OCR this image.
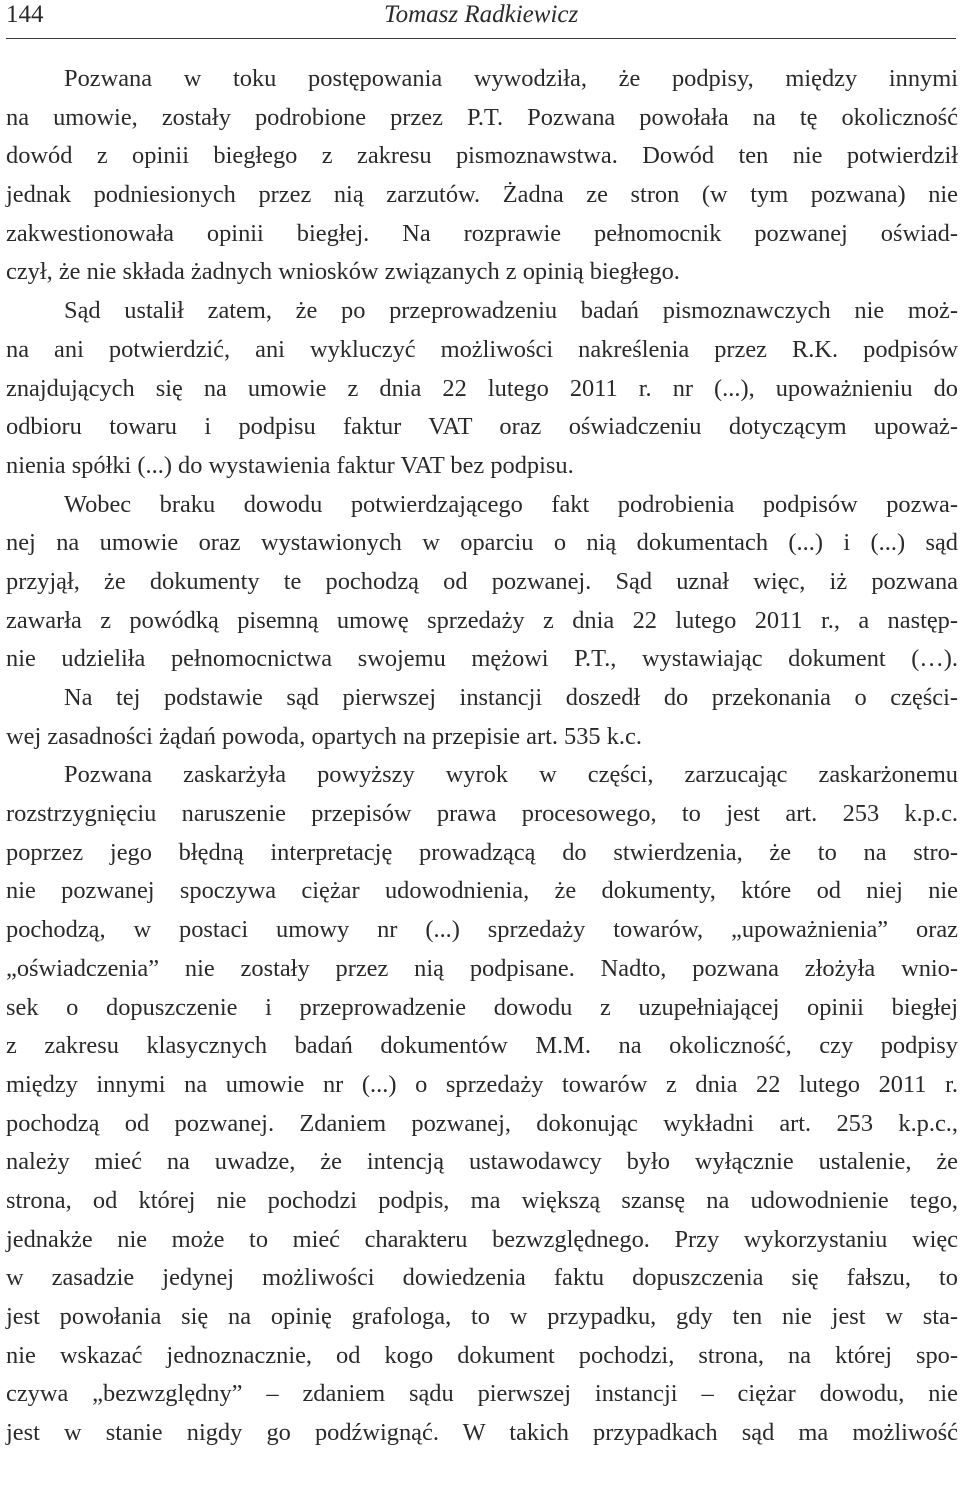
144	Tomasz Radkiewicz
Pozwana w toku postępowania wywodziła, że podpisy, między innymi
na umowie, zostały podrobione przez P.T. Pozwana powołała na tę okoliczność
dowód z opinii biegłego z zakresu pismoznawstwa. Dowód ten nie potwierdził
jednak podniesionych przez nią zarzutów. Żadna ze stron (w tym pozwana) nie
zakwestionowała opinii biegłej. Na rozprawie pełnomocnik pozwanej oświad-
czył, że nie składa żadnych wniosków związanych z opinią biegłego.
Sąd ustalił zatem, że po przeprowadzeniu badań pismoznawczych nie moż-
na ani potwierdzić, ani wykluczyć możliwości nakreślenia przez R.K. podpisów
znajdujących się na umowie z dnia 22 lutego 2011 r. nr (...), upoważnieniu do
odbioru towaru i podpisu faktur VAT oraz oświadczeniu dotyczącym upoważ-
nienia spółki (...) do wystawienia faktur VAT bez podpisu.
Wobec braku dowodu potwierdzającego fakt podrobienia podpisów pozwa-
nej na umowie oraz wystawionych w oparciu o nią dokumentach (...) i (...) sąd
przyjął, że dokumenty te pochodzą od pozwanej. Sąd uznał więc, iż pozwana
zawarła z powódką pisemną umowę sprzedaży z dnia 22 lutego 2011 r., a następ-
nie udzieliła pełnomocnictwa swojemu mężowi P.T., wystawiając dokument (…).
Na tej podstawie sąd pierwszej instancji doszedł do przekonania o części-
wej zasadności żądań powoda, opartych na przepisie art. 535 k.c.
Pozwana zaskarżyła powyższy wyrok w części, zarzucając zaskarżonemu
rozstrzygnięciu naruszenie przepisów prawa procesowego, to jest art. 253 k.p.c.
poprzez jego błędną interpretację prowadzącą do stwierdzenia, że to na stro-
nie pozwanej spoczywa ciężar udowodnienia, że dokumenty, które od niej nie
pochodzą, w postaci umowy nr (...) sprzedaży towarów, „upoważnienia” oraz
„oświadczenia” nie zostały przez nią podpisane. Nadto, pozwana złożyła wnio-
sek o dopuszczenie i przeprowadzenie dowodu z uzupełniającej opinii biegłej
z zakresu klasycznych badań dokumentów M.M. na okoliczność, czy podpisy
między innymi na umowie nr (...) o sprzedaży towarów z dnia 22 lutego 2011 r.
pochodzą od pozwanej. Zdaniem pozwanej, dokonując wykładni art. 253 k.p.c.,
należy mieć na uwadze, że intencją ustawodawcy było wyłącznie ustalenie, że
strona, od której nie pochodzi podpis, ma większą szansę na udowodnienie tego,
jednakże nie może to mieć charakteru bezwzględnego. Przy wykorzystaniu więc
w zasadzie jedynej możliwości dowiedzenia faktu dopuszczenia się fałszu, to
jest powołania się na opinię grafologa, to w przypadku, gdy ten nie jest w sta-
nie wskazać jednoznacznie, od kogo dokument pochodzi, strona, na której spo-
czywa „bezwzględny” – zdaniem sądu pierwszej instancji – ciężar dowodu, nie
jest w stanie nigdy go podźwignąć. W takich przypadkach sąd ma możliwość
